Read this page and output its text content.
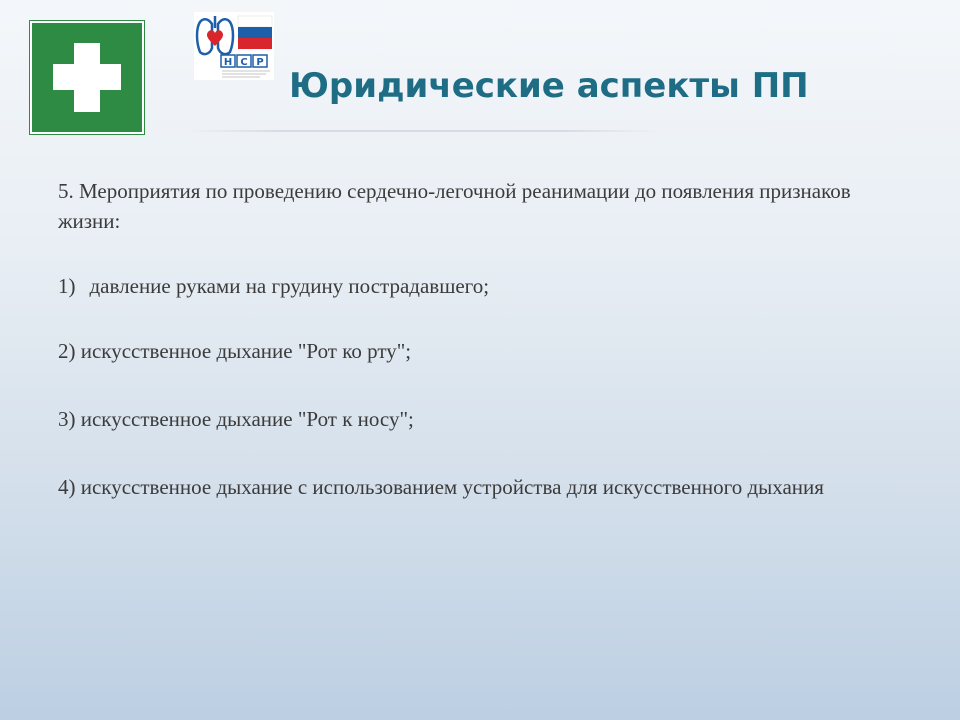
Н С Р
Юридические аспекты ПП

5. Мероприятия по проведению сердечно-легочной реанимации до появления признаков жизни:

1) давление руками на грудину пострадавшего;

2) искусственное дыхание "Рот ко рту";

3) искусственное дыхание "Рот к носу";

4) искусственное дыхание с использованием устройства для искусственного дыхания
